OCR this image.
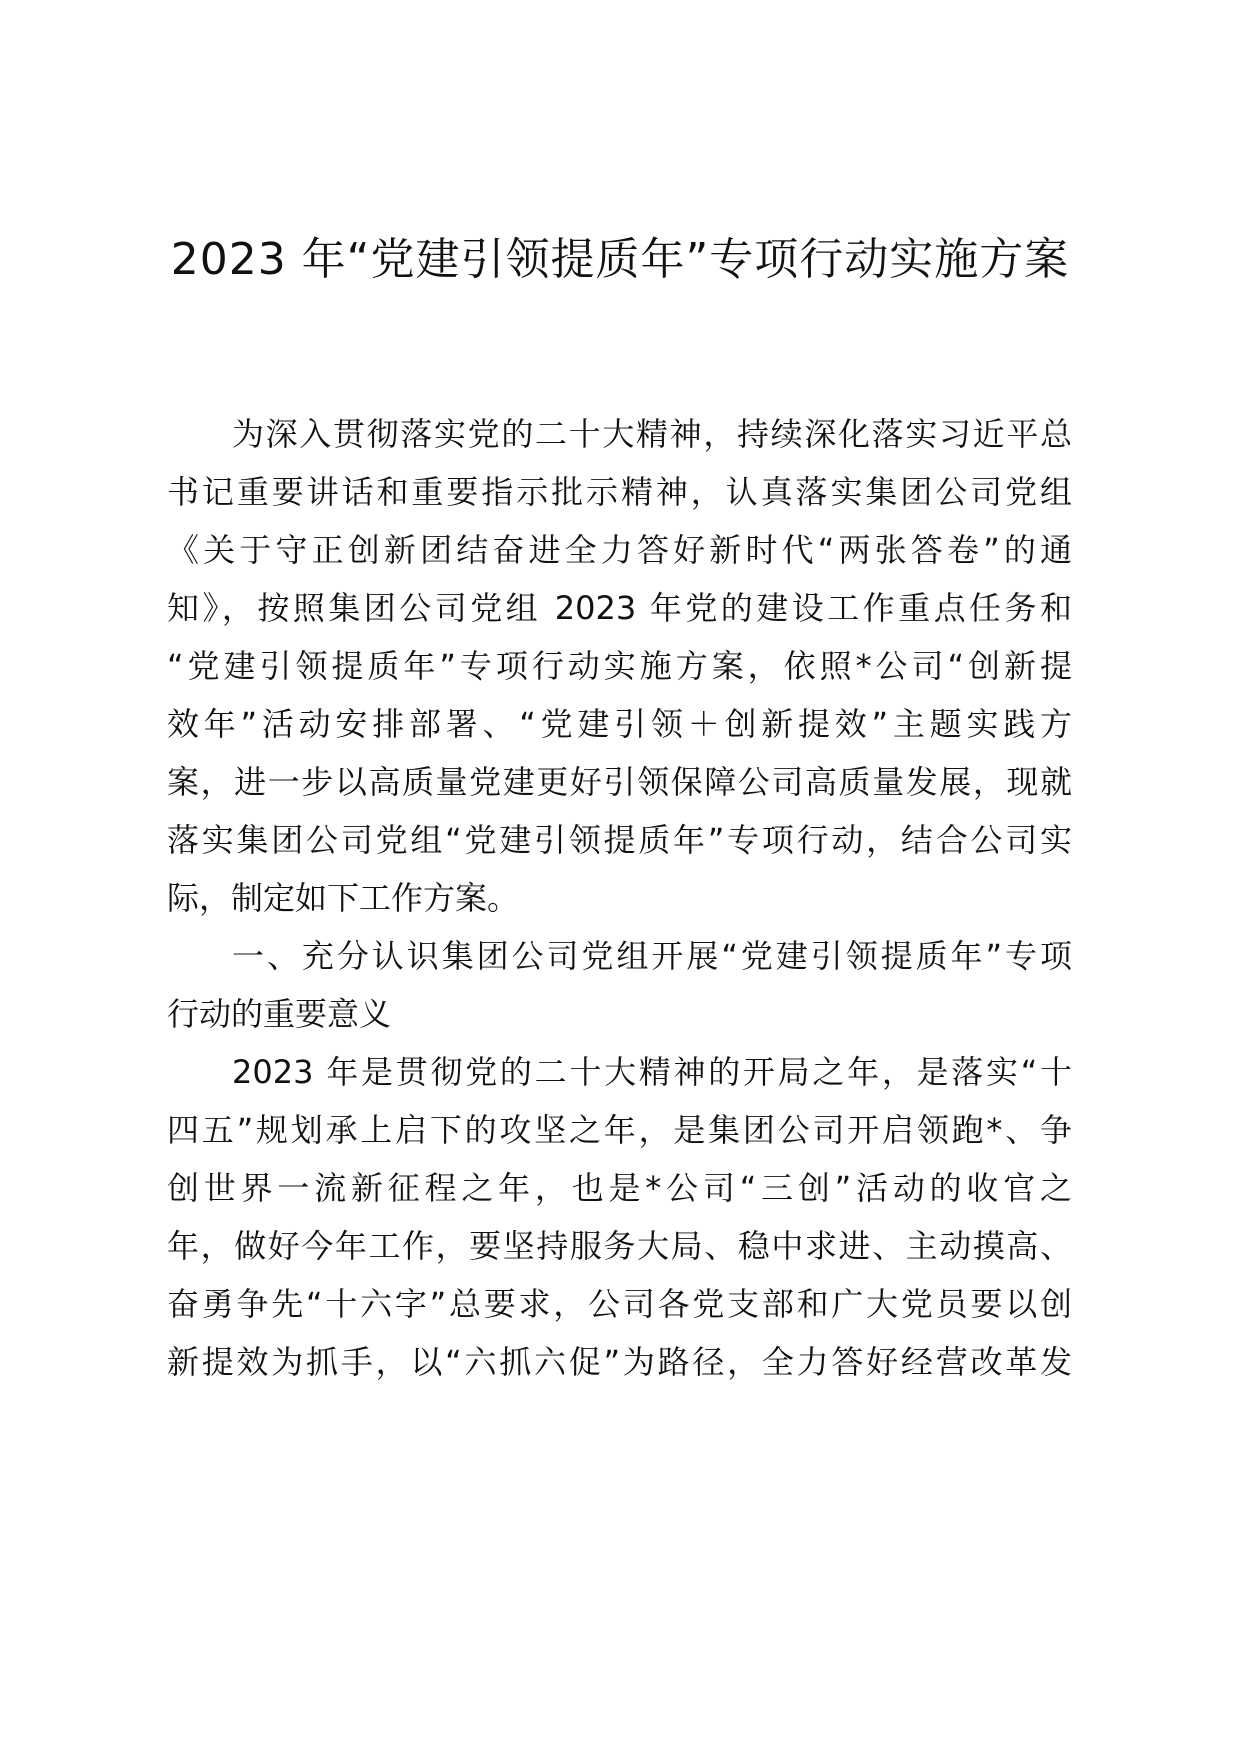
2023 年“党建引领提质年”专项行动实施方案

为深入贯彻落实党的二十大精神，持续深化落实习近平总

书记重要讲话和重要指示批示精神，认真落实集团公司党组

《关于守正创新团结奋进全力答好新时代“两张答卷”的通

知》，按照集团公司党组 2023 年党的建设工作重点任务和

“党建引领提质年”专项行动实施方案，依照*公司“创新提

效年”活动安排部署、“党建引领＋创新提效”主题实践方

案，进一步以高质量党建更好引领保障公司高质量发展，现就

落实集团公司党组“党建引领提质年”专项行动，结合公司实

际，制定如下工作方案。

一、充分认识集团公司党组开展“党建引领提质年”专项

行动的重要意义

2023 年是贯彻党的二十大精神的开局之年，是落实“十

四五”规划承上启下的攻坚之年，是集团公司开启领跑*、争

创世界一流新征程之年，也是*公司“三创”活动的收官之

年，做好今年工作，要坚持服务大局、稳中求进、主动摸高、

奋勇争先“十六字”总要求，公司各党支部和广大党员要以创

新提效为抓手，以“六抓六促”为路径，全力答好经营改革发
